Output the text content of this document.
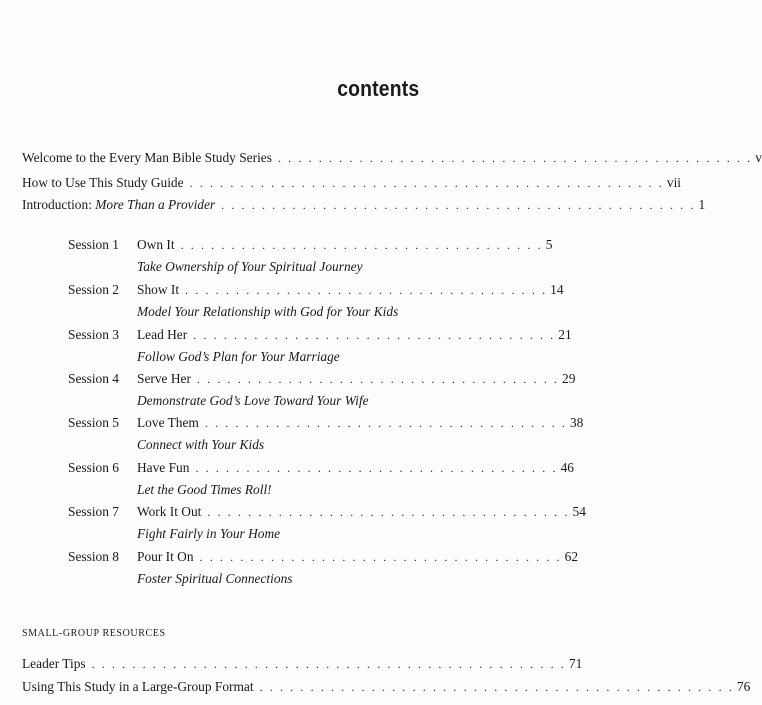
contents
Welcome to the Every Man Bible Study Series . . . . . . . . . . . . . . . . . . . . . . . . . . . . . . . . . . . . . . . . . . . . . . . v
How to Use This Study Guide . . . . . . . . . . . . . . . . . . . . . . . . . . . . . . . . . . . . . . . . . . . . . . . vii
Introduction: More Than a Provider . . . . . . . . . . . . . . . . . . . . . . . . . . . . . . . . . . . . . . . . . . . . . . . 1
Session 1 Own It . . . . . . . . . . . . . . . . . . . . . . . . . . . . . . . . . . . . 5
Take Ownership of Your Spiritual Journey
Session 2 Show It . . . . . . . . . . . . . . . . . . . . . . . . . . . . . . . . . . . . 14
Model Your Relationship with God for Your Kids
Session 3 Lead Her . . . . . . . . . . . . . . . . . . . . . . . . . . . . . . . . . . . . 21
Follow God’s Plan for Your Marriage
Session 4 Serve Her . . . . . . . . . . . . . . . . . . . . . . . . . . . . . . . . . . . . 29
Demonstrate God’s Love Toward Your Wife
Session 5 Love Them . . . . . . . . . . . . . . . . . . . . . . . . . . . . . . . . . . . . 38
Connect with Your Kids
Session 6 Have Fun . . . . . . . . . . . . . . . . . . . . . . . . . . . . . . . . . . . . 46
Let the Good Times Roll!
Session 7 Work It Out . . . . . . . . . . . . . . . . . . . . . . . . . . . . . . . . . . . . 54
Fight Fairly in Your Home
Session 8 Pour It On . . . . . . . . . . . . . . . . . . . . . . . . . . . . . . . . . . . . 62
Foster Spiritual Connections
SMALL-GROUP RESOURCES
Leader Tips . . . . . . . . . . . . . . . . . . . . . . . . . . . . . . . . . . . . . . . . . . . . . . . 71
Using This Study in a Large-Group Format . . . . . . . . . . . . . . . . . . . . . . . . . . . . . . . . . . . . . . . . . . . . . . . 76
